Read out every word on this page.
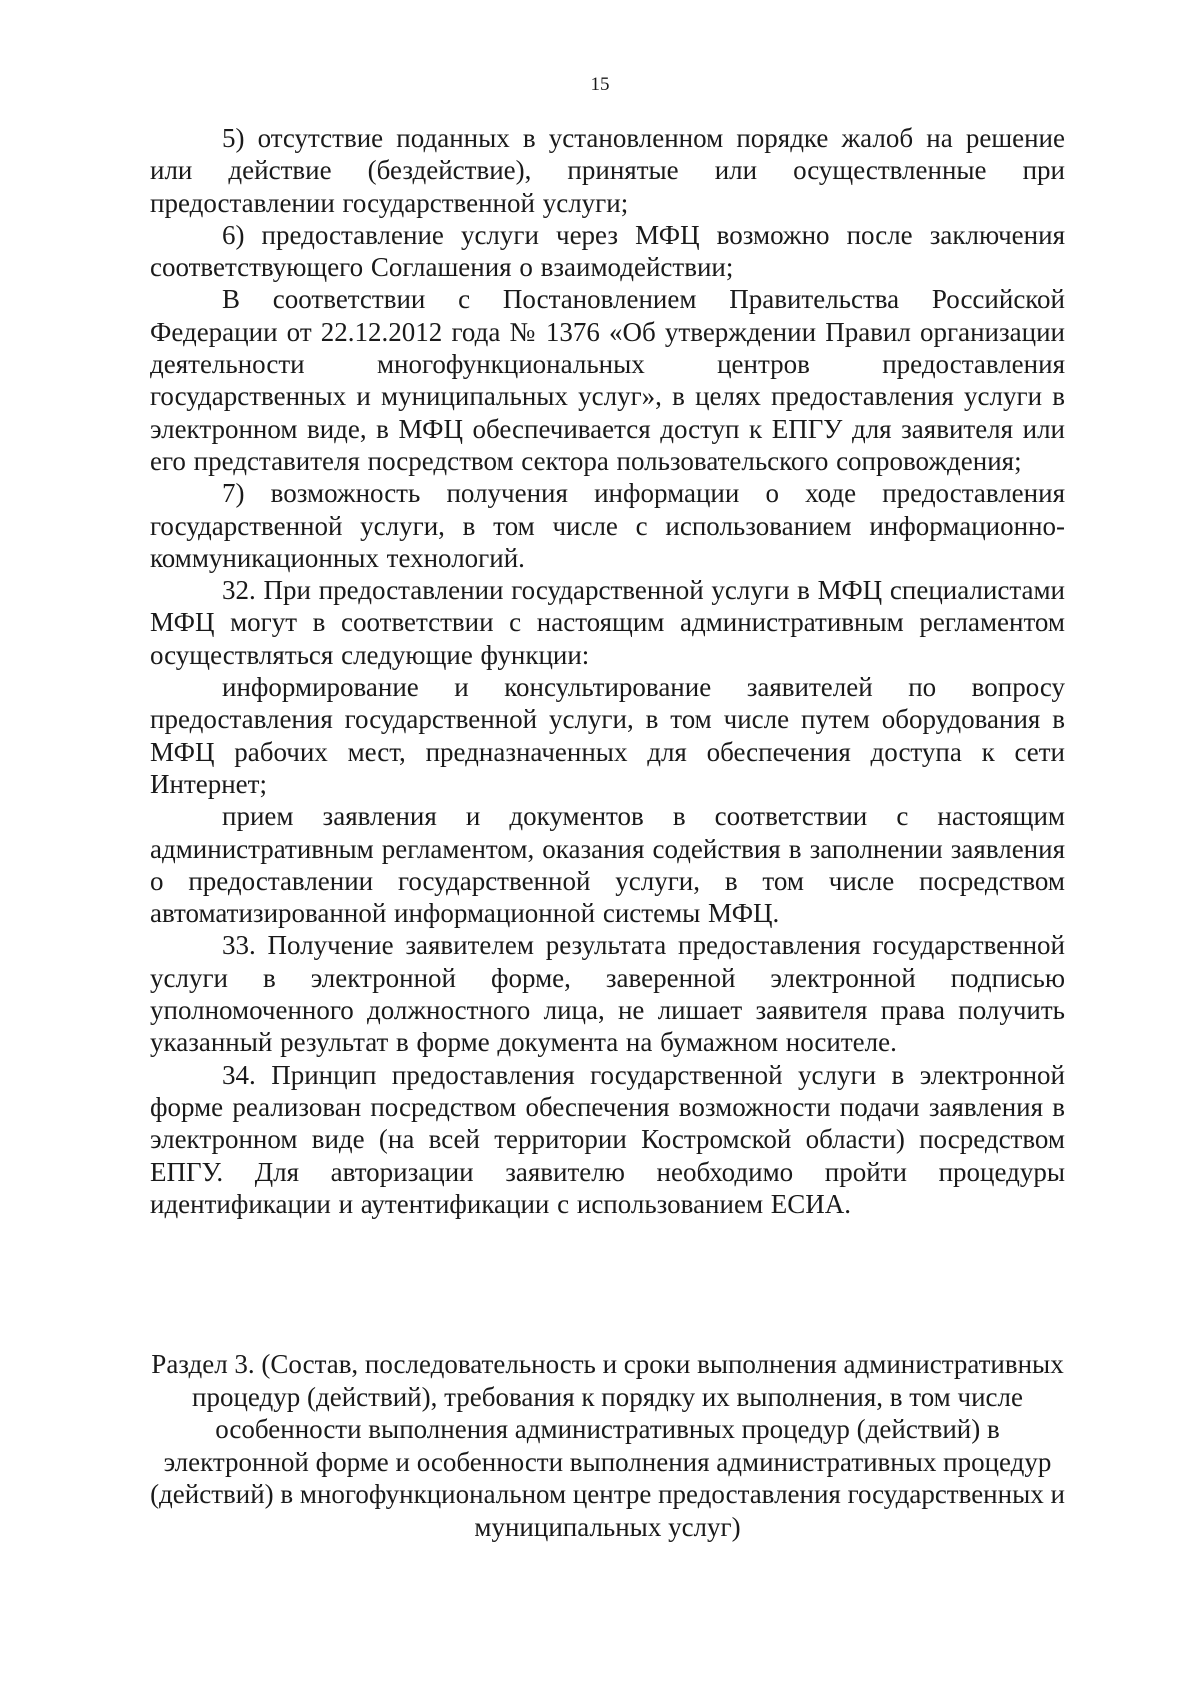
15

5) отсутствие поданных в установленном порядке жалоб на решение или действие (бездействие), принятые или осуществленные при предоставлении государственной услуги;

6) предоставление услуги через МФЦ возможно после заключения соответствующего Соглашения о взаимодействии;

В соответствии с Постановлением Правительства Российской Федерации от 22.12.2012 года № 1376 «Об утверждении Правил организации деятельности многофункциональных центров предоставления государственных и муниципальных услуг», в целях предоставления услуги в электронном виде, в МФЦ обеспечивается доступ к ЕПГУ для заявителя или его представителя посредством сектора пользовательского сопровождения;

7) возможность получения информации о ходе предоставления государственной услуги, в том числе с использованием информационно-коммуникационных технологий.

32. При предоставлении государственной услуги в МФЦ специалистами МФЦ могут в соответствии с настоящим административным регламентом осуществляться следующие функции:

информирование и консультирование заявителей по вопросу предоставления государственной услуги, в том числе путем оборудования в МФЦ рабочих мест, предназначенных для обеспечения доступа к сети Интернет;

прием заявления и документов в соответствии с настоящим административным регламентом, оказания содействия в заполнении заявления о предоставлении государственной услуги, в том числе посредством автоматизированной информационной системы МФЦ.

33. Получение заявителем результата предоставления государственной услуги в электронной форме, заверенной электронной подписью уполномоченного должностного лица, не лишает заявителя права получить указанный результат в форме документа на бумажном носителе.

34. Принцип предоставления государственной услуги в электронной форме реализован посредством обеспечения возможности подачи заявления в электронном виде (на всей территории Костромской области) посредством ЕПГУ. Для авторизации заявителю необходимо пройти процедуры идентификации и аутентификации с использованием ЕСИА.

Раздел 3. (Состав, последовательность и сроки выполнения административных процедур (действий), требования к порядку их выполнения, в том числе особенности выполнения административных процедур (действий) в электронной форме и особенности выполнения административных процедур (действий) в многофункциональном центре предоставления государственных и муниципальных услуг)
